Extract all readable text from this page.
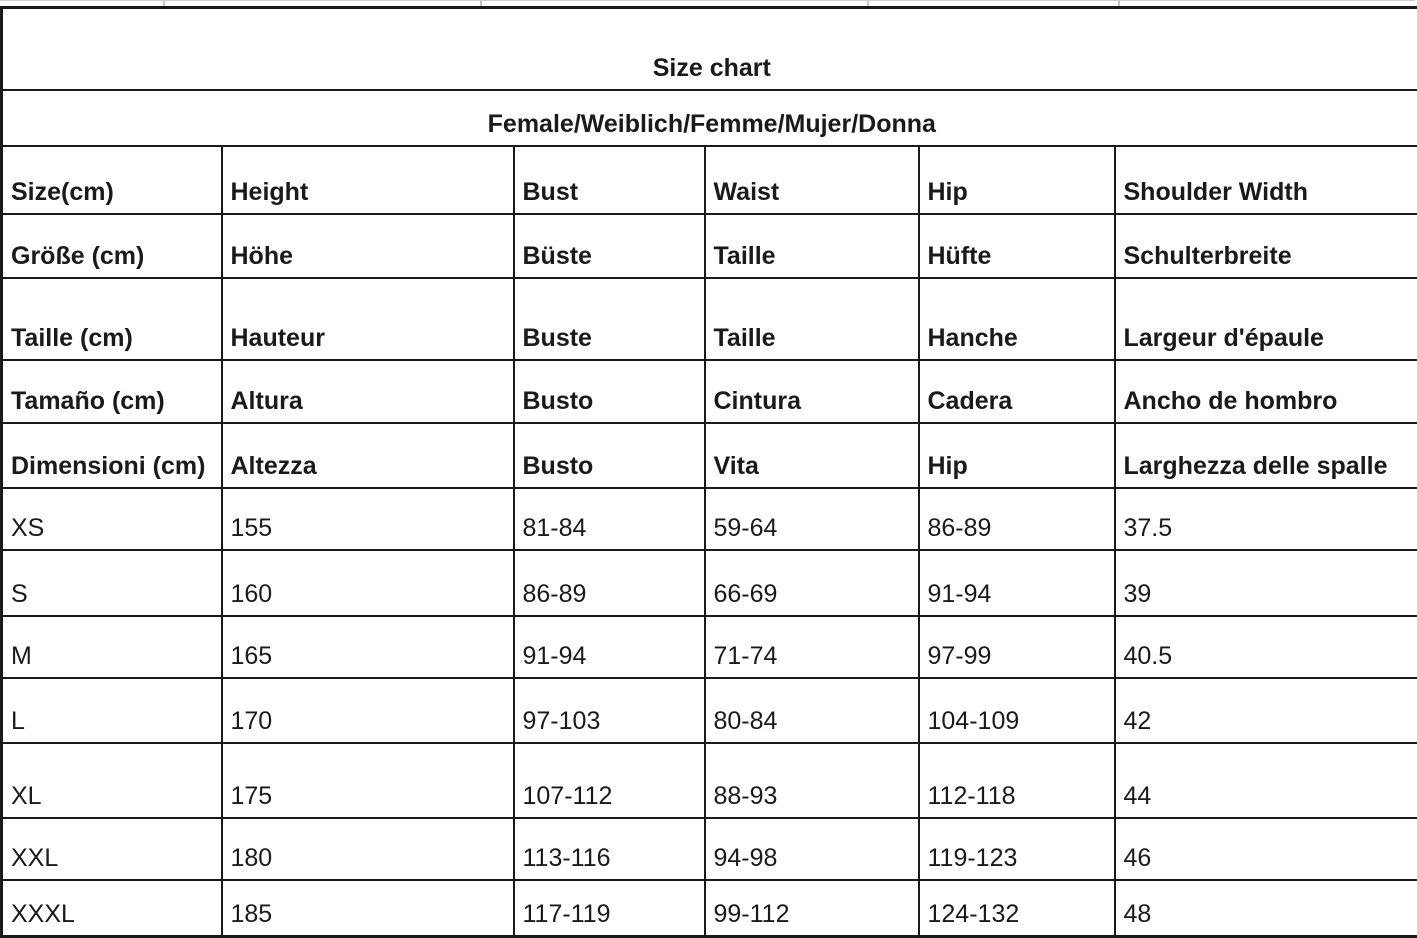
Size chart					
Female/Weiblich/Femme/Mujer/Donna					
Size(cm)	Height	Bust	Waist	Hip	Shoulder Width
Größe (cm)	Höhe	Büste	Taille	Hüfte	Schulterbreite
Taille (cm)	Hauteur	Buste	Taille	Hanche	Largeur d'épaule
Tamaño (cm)	Altura	Busto	Cintura	Cadera	Ancho de hombro
Dimensioni (cm)	Altezza	Busto	Vita	Hip	Larghezza delle spalle
XS	155	81-84	59-64	86-89	37.5
S	160	86-89	66-69	91-94	39
M	165	91-94	71-74	97-99	40.5
L	170	97-103	80-84	104-109	42
XL	175	107-112	88-93	112-118	44
XXL	180	113-116	94-98	119-123	46
XXXL	185	117-119	99-112	124-132	48
